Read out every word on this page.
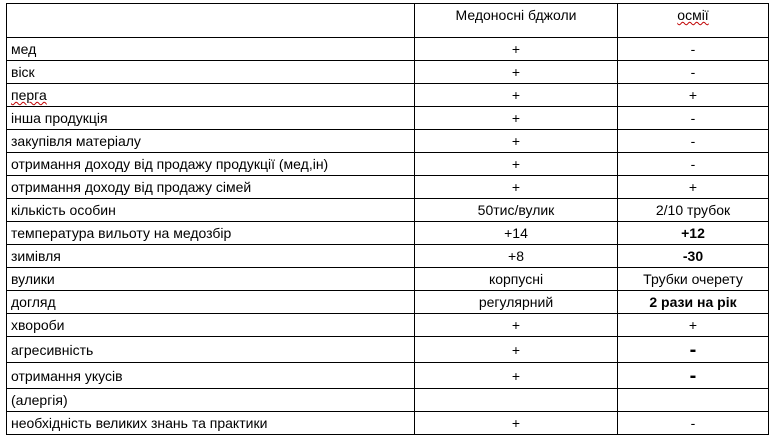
	Медоносні бджоли	осмії
мед	+	-
віск	+	-
перга	+	+
інша продукція	+	-
закупівля матеріалу	+	-
отримання доходу від продажу продукції (мед,ін)	+	-
отримання доходу від продажу сімей	+	+
кількість особин	50тис/вулик	2/10 трубок
температура вильоту на медозбір	+14	+12
зимівля	+8	-30
вулики	корпусні	Трубки очерету
догляд	регулярний	2 рази на рік
хвороби	+	+
агресивність	+	-
отримання укусів	+	-
(алергія)		
необхідність великих знань та практики	+	-
